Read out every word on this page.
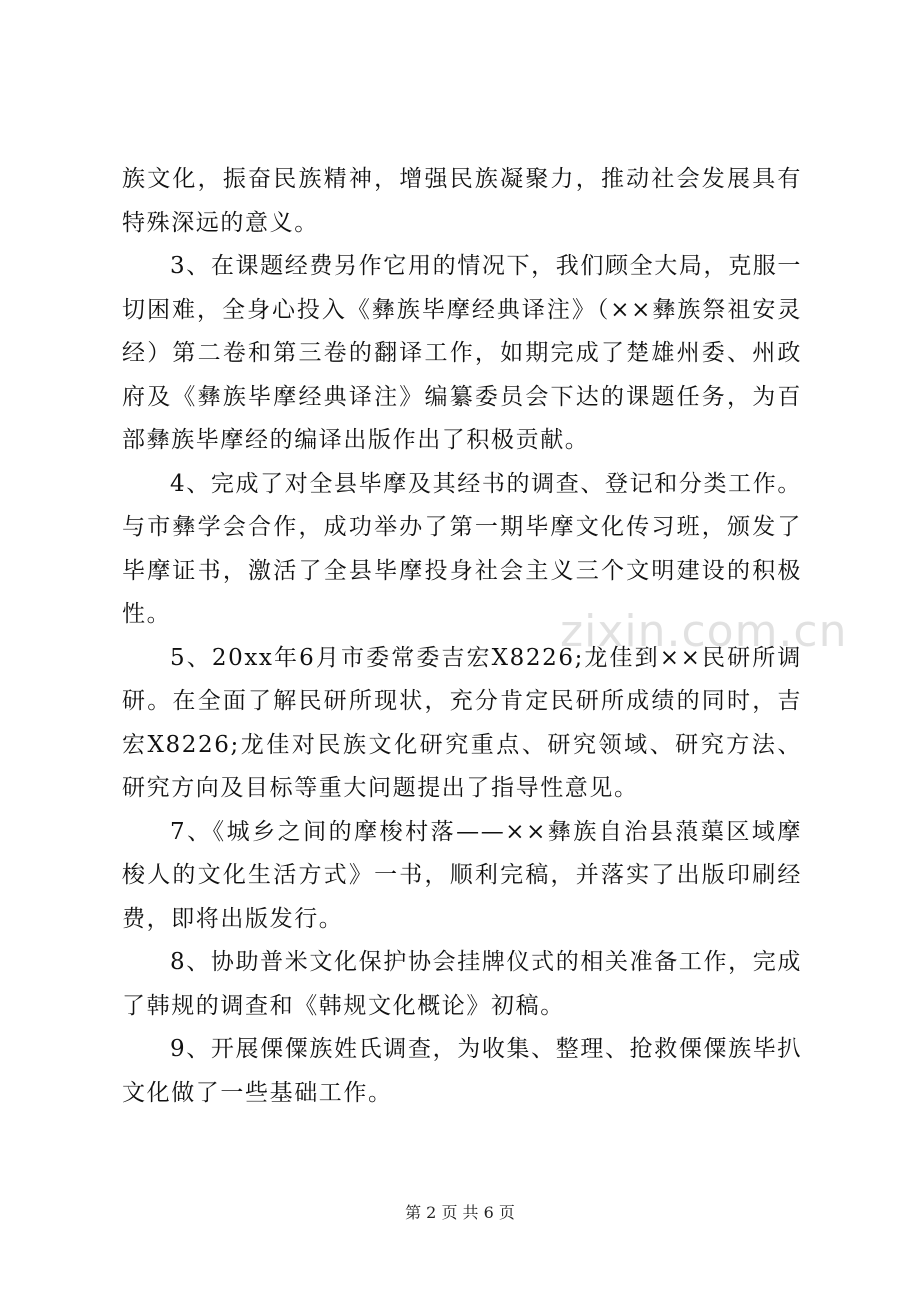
族文化，振奋民族精神，增强民族凝聚力，推动社会发展具有特殊深远的意义。

3、在课题经费另作它用的情况下，我们顾全大局，克服一切困难，全身心投入《彝族毕摩经典译注》（××彝族祭祖安灵经）第二卷和第三卷的翻译工作，如期完成了楚雄州委、州政府及《彝族毕摩经典译注》编纂委员会下达的课题任务，为百部彝族毕摩经的编译出版作出了积极贡献。

4、完成了对全县毕摩及其经书的调查、登记和分类工作。与市彝学会合作，成功举办了第一期毕摩文化传习班，颁发了毕摩证书，激活了全县毕摩投身社会主义三个文明建设的积极性。

5、20xx年6月市委常委吉宏X8226;龙佳到××民研所调研。在全面了解民研所现状，充分肯定民研所成绩的同时，吉宏X8226;龙佳对民族文化研究重点、研究领域、研究方法、研究方向及目标等重大问题提出了指导性意见。

7、《城乡之间的摩梭村落——××彝族自治县蒗蕖区域摩梭人的文化生活方式》一书，顺利完稿，并落实了出版印刷经费，即将出版发行。

8、协助普米文化保护协会挂牌仪式的相关准备工作，完成了韩规的调查和《韩规文化概论》初稿。

9、开展傈僳族姓氏调查，为收集、整理、抢救傈僳族毕扒文化做了一些基础工作。

zixin.com.cn
第 2 页 共 6 页
